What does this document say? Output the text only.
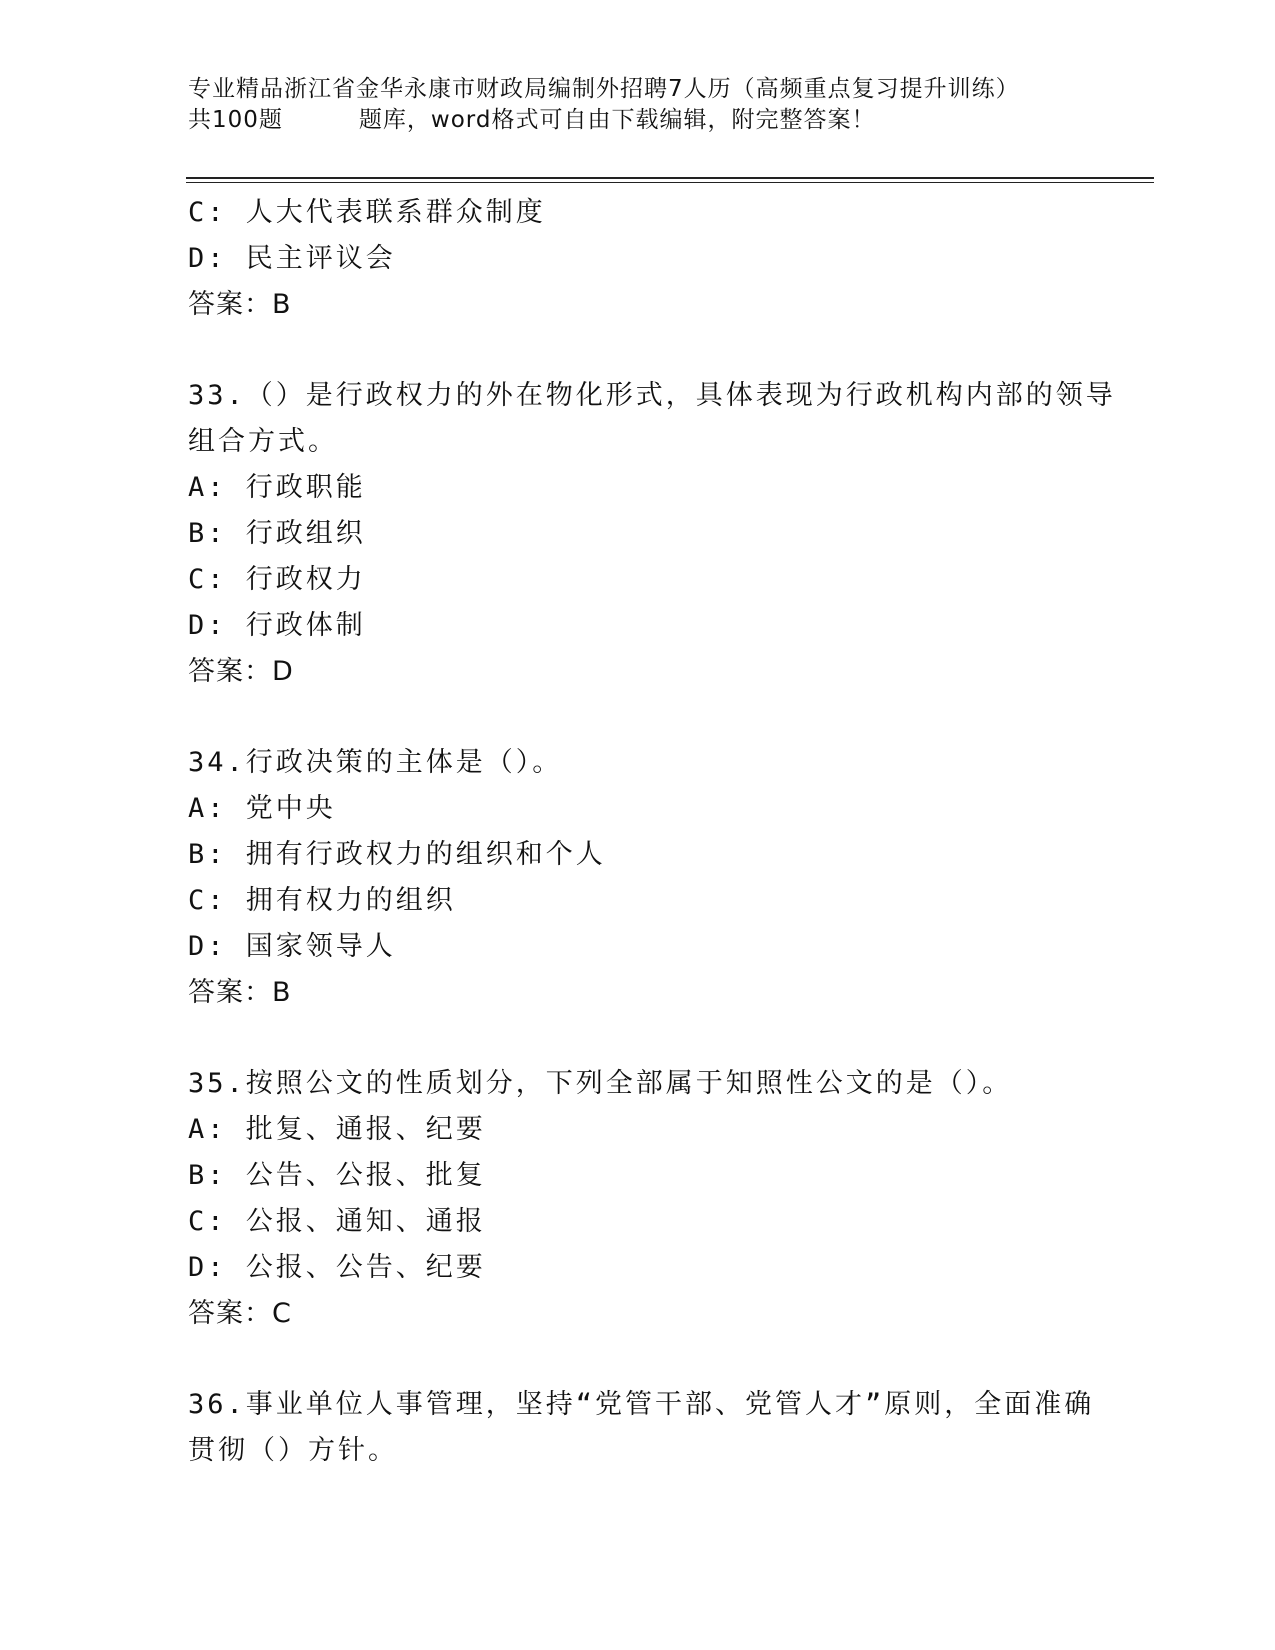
专业精品浙江省金华永康市财政局编制外招聘7人历（高频重点复习提升训练）
共100题	题库，word格式可自由下载编辑，附完整答案！

C: 人大代表联系群众制度

D: 民主评议会

答案：B

33.（）是行政权力的外在物化形式，具体表现为行政机构内部的领导

组合方式。

A: 行政职能

B: 行政组织

C: 行政权力

D: 行政体制

答案：D

34.行政决策的主体是（）。

A: 党中央

B: 拥有行政权力的组织和个人

C: 拥有权力的组织

D: 国家领导人

答案：B

35.按照公文的性质划分，下列全部属于知照性公文的是（）。

A: 批复、通报、纪要

B: 公告、公报、批复

C: 公报、通知、通报

D: 公报、公告、纪要

答案：C

36.事业单位人事管理，坚持“党管干部、党管人才”原则，全面准确

贯彻（）方针。
